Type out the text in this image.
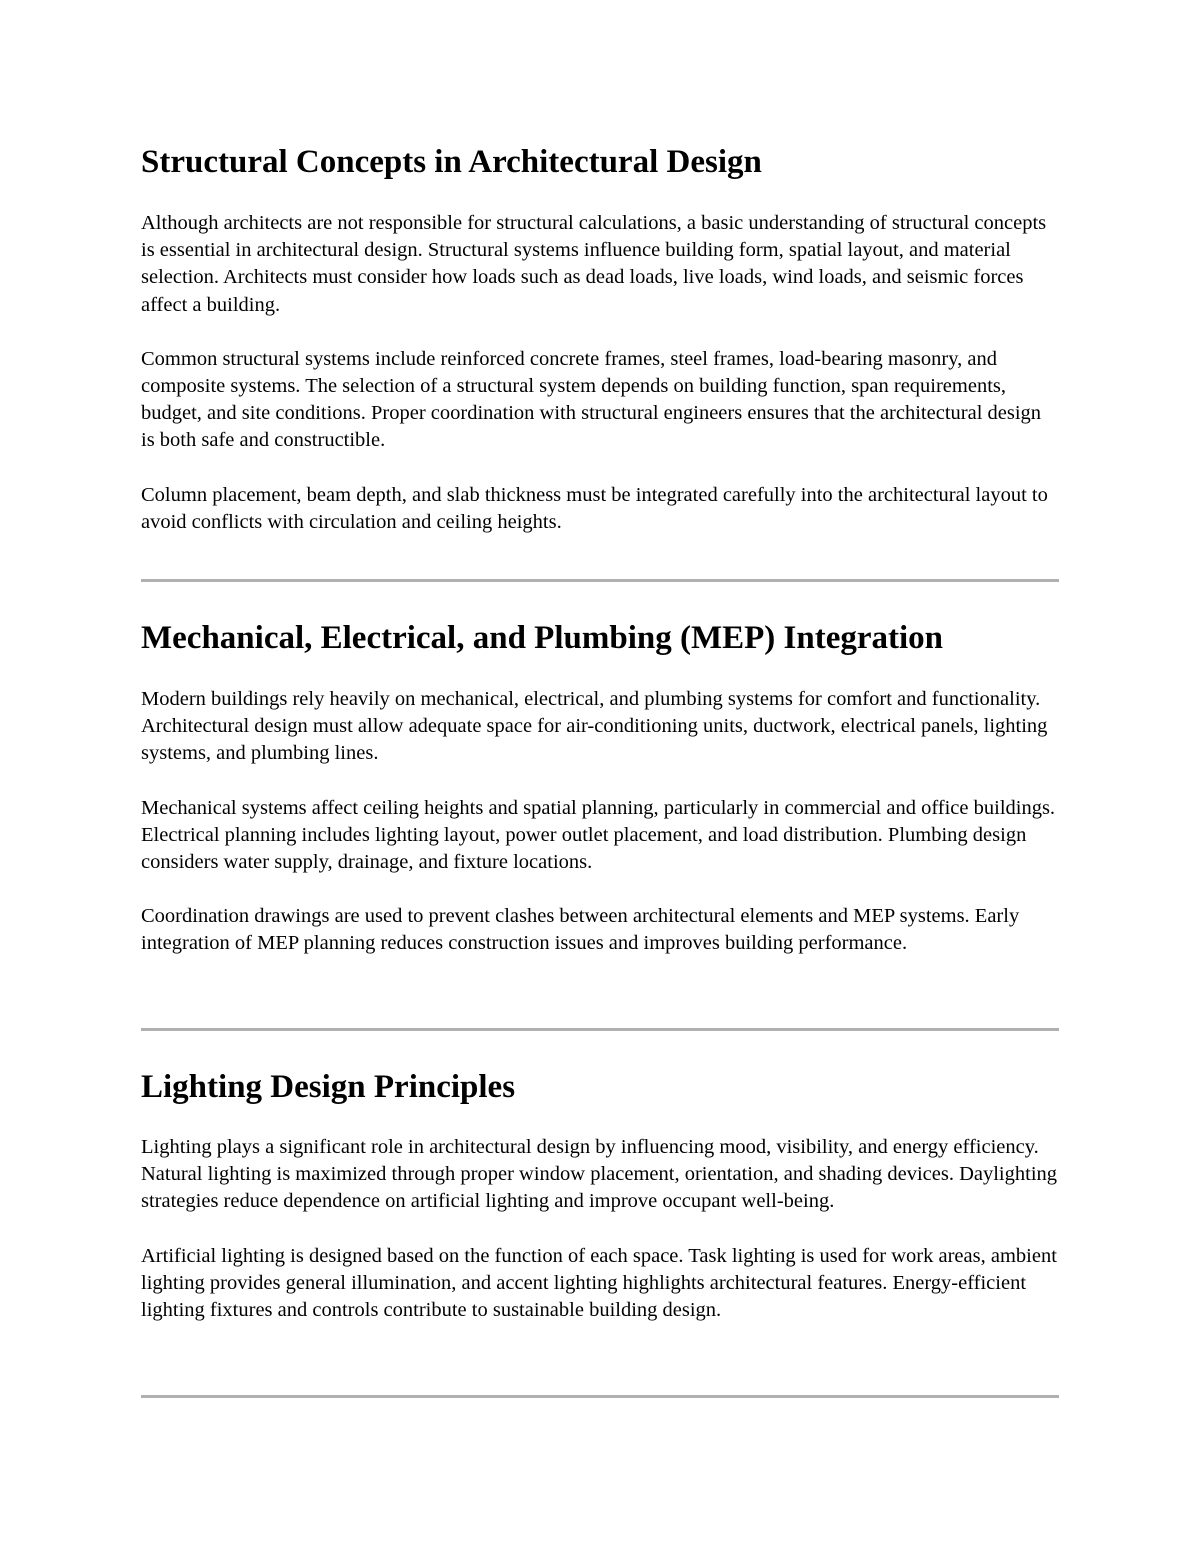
Structural Concepts in Architectural Design

Although architects are not responsible for structural calculations, a basic understanding of structural concepts is essential in architectural design. Structural systems influence building form, spatial layout, and material selection. Architects must consider how loads such as dead loads, live loads, wind loads, and seismic forces affect a building.

Common structural systems include reinforced concrete frames, steel frames, load-bearing masonry, and composite systems. The selection of a structural system depends on building function, span requirements, budget, and site conditions. Proper coordination with structural engineers ensures that the architectural design is both safe and constructible.

Column placement, beam depth, and slab thickness must be integrated carefully into the architectural layout to avoid conflicts with circulation and ceiling heights.

Mechanical, Electrical, and Plumbing (MEP) Integration

Modern buildings rely heavily on mechanical, electrical, and plumbing systems for comfort and functionality. Architectural design must allow adequate space for air-conditioning units, ductwork, electrical panels, lighting systems, and plumbing lines.

Mechanical systems affect ceiling heights and spatial planning, particularly in commercial and office buildings. Electrical planning includes lighting layout, power outlet placement, and load distribution. Plumbing design considers water supply, drainage, and fixture locations.

Coordination drawings are used to prevent clashes between architectural elements and MEP systems. Early integration of MEP planning reduces construction issues and improves building performance.

Lighting Design Principles

Lighting plays a significant role in architectural design by influencing mood, visibility, and energy efficiency. Natural lighting is maximized through proper window placement, orientation, and shading devices. Daylighting strategies reduce dependence on artificial lighting and improve occupant well-being.

Artificial lighting is designed based on the function of each space. Task lighting is used for work areas, ambient lighting provides general illumination, and accent lighting highlights architectural features. Energy-efficient lighting fixtures and controls contribute to sustainable building design.
